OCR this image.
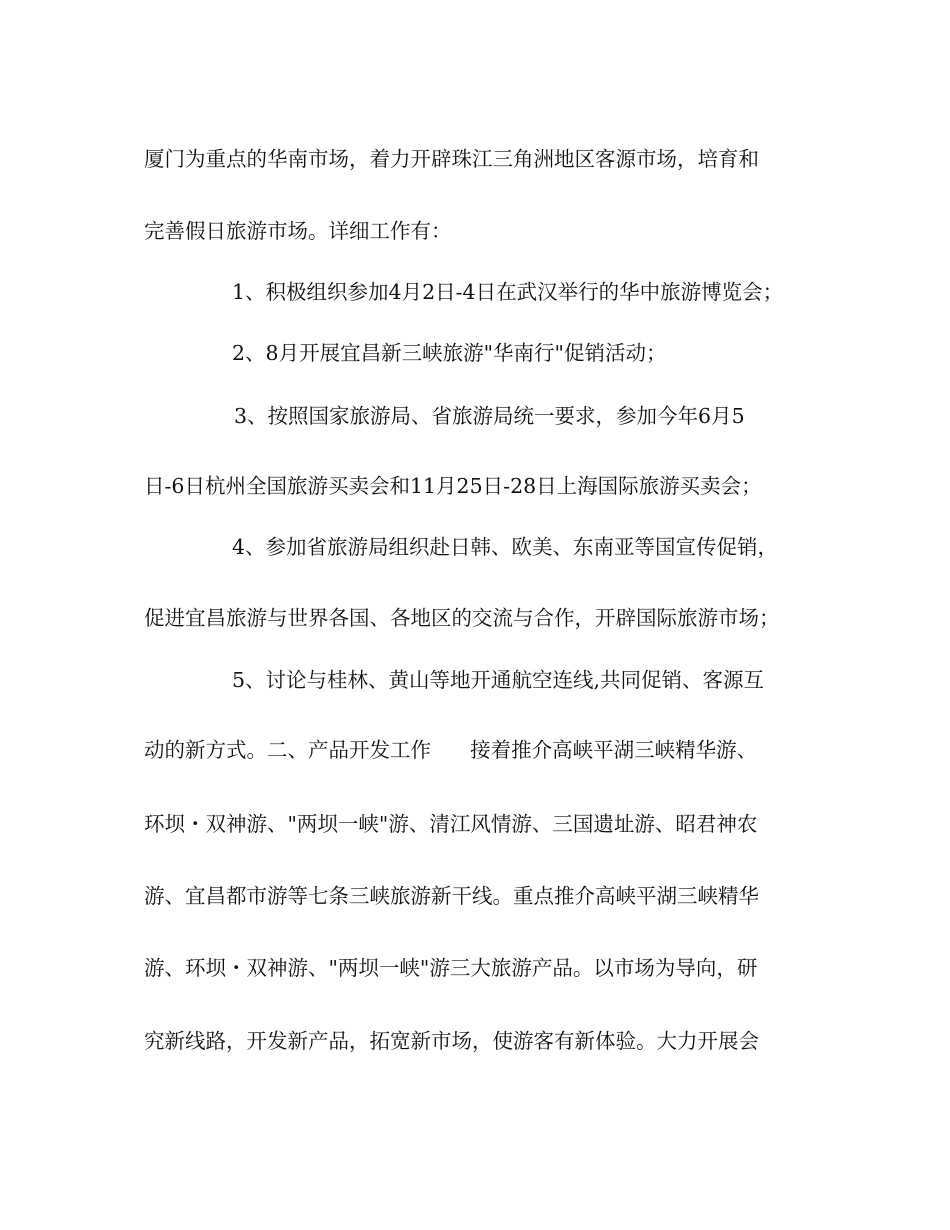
厦门为重点的华南市场，着力开辟珠江三角洲地区客源市场，培育和
完善假日旅游市场。详细工作有：
1、积极组织参加4月2日-4日在武汉举行的华中旅游博览会；
2、8月开展宜昌新三峡旅游"华南行"促销活动；
3、按照国家旅游局、省旅游局统一要求，参加今年6月5
日-6日杭州全国旅游买卖会和11月25日-28日上海国际旅游买卖会；
4、参加省旅游局组织赴日韩、欧美、东南亚等国宣传促销，
促进宜昌旅游与世界各国、各地区的交流与合作，开辟国际旅游市场；
5、讨论与桂林、黄山等地开通航空连线,共同促销、客源互
动的新方式。二、产品开发工作      接着推介高峡平湖三峡精华游、
环坝・双神游、"两坝一峡"游、清江风情游、三国遗址游、昭君神农
游、宜昌都市游等七条三峡旅游新干线。重点推介高峡平湖三峡精华
游、环坝・双神游、"两坝一峡"游三大旅游产品。以市场为导向，研
究新线路，开发新产品，拓宽新市场，使游客有新体验。大力开展会
